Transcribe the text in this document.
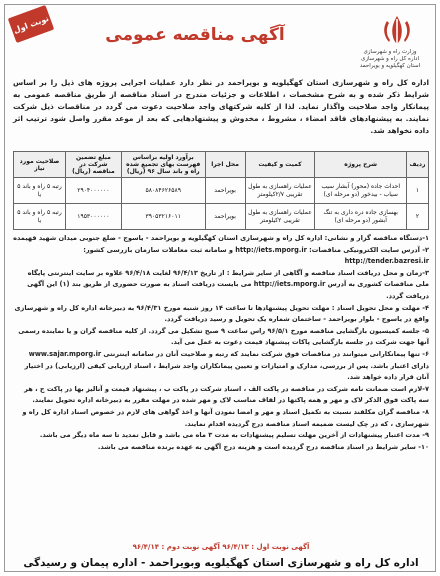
نوبت اول
آگهی مناقصه عمومی
وزارت راه و شهرسازی
اداره کل راه و شهرسازی
استان کهگیلویه و بویراحمد
اداره کل راه و شهرسازی استان کهگیلویه و بویراحمد در نظر دارد عملیات اجرایی پروژه های ذیل را بر اساس شرایط ذکر شده و به شرح مشخصات ، اطلاعات و جزئیات مندرج در اسناد مناقصه از طریق مناقصه عمومی به پیمانکار واجد صلاحیت واگذار نماید. لذا از کلیه شرکتهای واجد صلاحیت دعوت می گردد در مناقصات ذیل شرکت نمایند. به پیشنهادهای فاقد امضاء ، مشروط ، مخدوش و پیشنهادهایی که بعد از موعد مقرر واصل شود ترتیب اثر داده نخواهد شد.
ردیف	شرح پروژه	کمیت و کیفیت	محل اجرا	برآورد اولیه براساس فهرست بهای تجمیع شده راه و باند سال ۹۶ (ریال)	مبلغ تضمین شرکت در مناقصه (ریال)	صلاحیت مورد نیاز
۱	احداث جاده (محور) آبشار سیب سیاب - بیدخور (دو مرحله ای)	عملیات راهسازی به طول تقریبی ۲/۷کیلومتر	بویراحمد	۵۸۰۸۴۶۲۶۵۸۹	۲۹۰۴۰۰۰۰۰۰	رتبه ۵ راه و باند ۵ یا
۲	بهسازی جاده دره داری به تنگ آبشور (دو مرحله ای)	عملیات راهسازی به طول تقریبی ۲کیلومتر	بویراحمد	۳۹۰۵۳۲۱۶۰۱۱	۱۹۵۳۰۰۰۰۰۰	رتبه ۵ راه و باند ۵ یا

۱-دستگاه مناقصه گزار و نشانی: اداره کل راه و شهرسازی استان کهگیلویه و بویراحمد - یاسوج - ضلع جنوبی میدان شهید قهیمده

۲- آدرس سایت الکترونیکی مناقصات: http://iets.mporg.ir و سامانه ثبت معاملات سازمان بازرسی کشور: http://tender.bazresi.ir

۳-زمان و محل دریافت اسناد مناقصه و آگاهی از سایر شرایط : از تاریخ ۹۶/۴/۱۳ لغایت ۹۶/۴/۱۸ علاوه بر سایت اینترنتی پایگاه ملی مناقصات کشوری به آدرس http://iets.mporg.ir می بایست دریافت اسناد به صورت حضوری از طریق بند (۱) این آگهی دریافت گردد.

۴- مهلت و محل تحویل اسناد : مهلت تحویل پیشنهادها تا ساعت ۱۴ روز شنبه مورخ ۹۶/۴/۳۱ به دبیرخانه اداره کل راه و شهرسازی واقع در یاسوج - بلوار بویراحمد - ساختمان شماره یک تحویل و رسید دریافت گردد.

۵- جلسه کمیسیون بازگشایی مناقصه مورخ ۹۶/۵/۱ راس ساعت ۹ صبح تشکیل می گردد. از کلیه مناقصه گران و یا نماینده رسمی آنها جهت شرکت در جلسه بازگشایی پاکات پیشنهاد قیمت دعوت به عمل می آید.

۶- تنها پیمانکارانی میتوانند در مناقصات فوق شرکت نمایند که رتبه و صلاحیت آنان در سامانه اینترنتی www.sajar.mporg.ir دارای اعتبار باشد. پس از بررسی، مدارک و امتیازات و تعیین پیمانکاران واجد شرایط ، اسناد ارزیابی کیفی (ارزیابی) در اختیار آنان قرار داده خواهد شد.

۷-لازم است ضمانت نامه شرکت در مناقصه در پاکت الف ، اسناد شرکت در پاکت ب ، پیشنهاد قیمت و آنالیز بها در پاکت ج ، هر سه پاکت فوق الذکر لاک و مهر و همه پاکتها در لفاف مناسب لاک و مهر شده در مهلت مقرر به دبیرخانه اداره تحویل نمایند.

۸- مناقصه گران مکلفند نسبت به تکمیل اسناد و مهر و امضا نمودن آنها و اخذ گواهی های لازم در خصوص اسناد اداره کل راه و شهرسازی ، که در چک لیست ضمیمه اسناد مناقصه درج گردیده اقدام نمایند.

۹- مدت اعتبار پیشنهادات از آخرین مهلت تسلیم پیشنهادات به مدت ۳ ماه می باشد و قابل تمدید تا سه ماه دیگر می باشد.

۱۰- سایر شرایط در اسناد مناقصه درج گردیده است و هزینه درج آگهی به عهده برنده مناقصه می باشد.

آگهی نوبت اول : ۹۶/۴/۱۳ آگهی نوبت دوم : ۹۶/۴/۱۴
اداره کل راه و شهرسازی استان کهگیلویه وبویراحمد - اداره پیمان و رسیدگی
